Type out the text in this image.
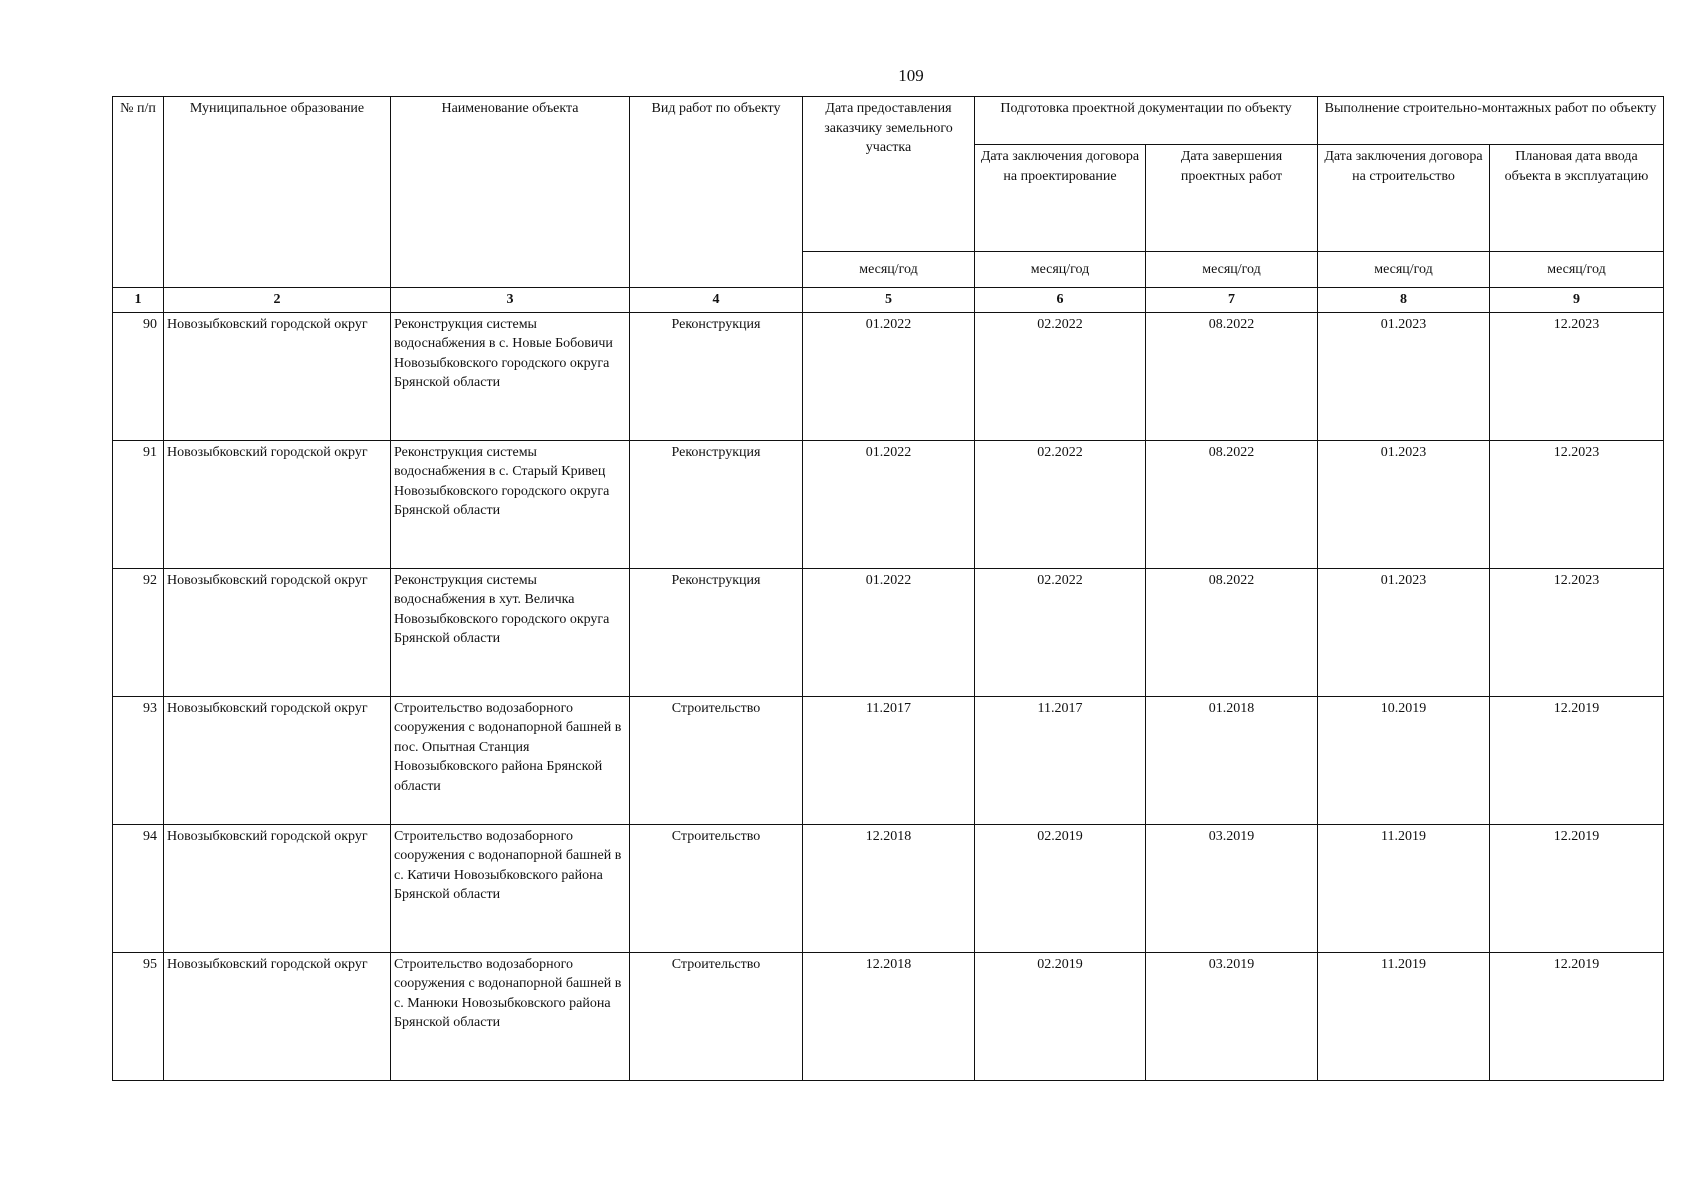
109
№ п/п	Муниципальное образование	Наименование объекта	Вид работ по объекту	Дата предоставления заказчику земельного участка	Подготовка проектной документации по объекту		Выполнение строительно-монтажных работ по объекту	
					Дата заключения договора на проектирование	Дата завершения проектных работ	Дата заключения договора на строительство	Плановая дата ввода объекта в эксплуатацию
				месяц/год	месяц/год	месяц/год	месяц/год	месяц/год
1	2	3	4	5	6	7	8	9
90	Новозыбковский городской округ	Реконструкция системы водоснабжения в с. Новые Бобовичи Новозыбковского городского округа Брянской области	Реконструкция	01.2022	02.2022	08.2022	01.2023	12.2023
91	Новозыбковский городской округ	Реконструкция системы водоснабжения в с. Старый Кривец Новозыбковского городского округа Брянской области	Реконструкция	01.2022	02.2022	08.2022	01.2023	12.2023
92	Новозыбковский городской округ	Реконструкция системы водоснабжения в хут. Величка Новозыбковского городского округа Брянской области	Реконструкция	01.2022	02.2022	08.2022	01.2023	12.2023
93	Новозыбковский городской округ	Строительство водозаборного сооружения с водонапорной башней в пос. Опытная Станция Новозыбковского района Брянской области	Строительство	11.2017	11.2017	01.2018	10.2019	12.2019
94	Новозыбковский городской округ	Строительство водозаборного сооружения с водонапорной башней в с. Катичи Новозыбковского района Брянской области	Строительство	12.2018	02.2019	03.2019	11.2019	12.2019
95	Новозыбковский городской округ	Строительство водозаборного сооружения с водонапорной башней в с. Манюки Новозыбковского района Брянской области	Строительство	12.2018	02.2019	03.2019	11.2019	12.2019
